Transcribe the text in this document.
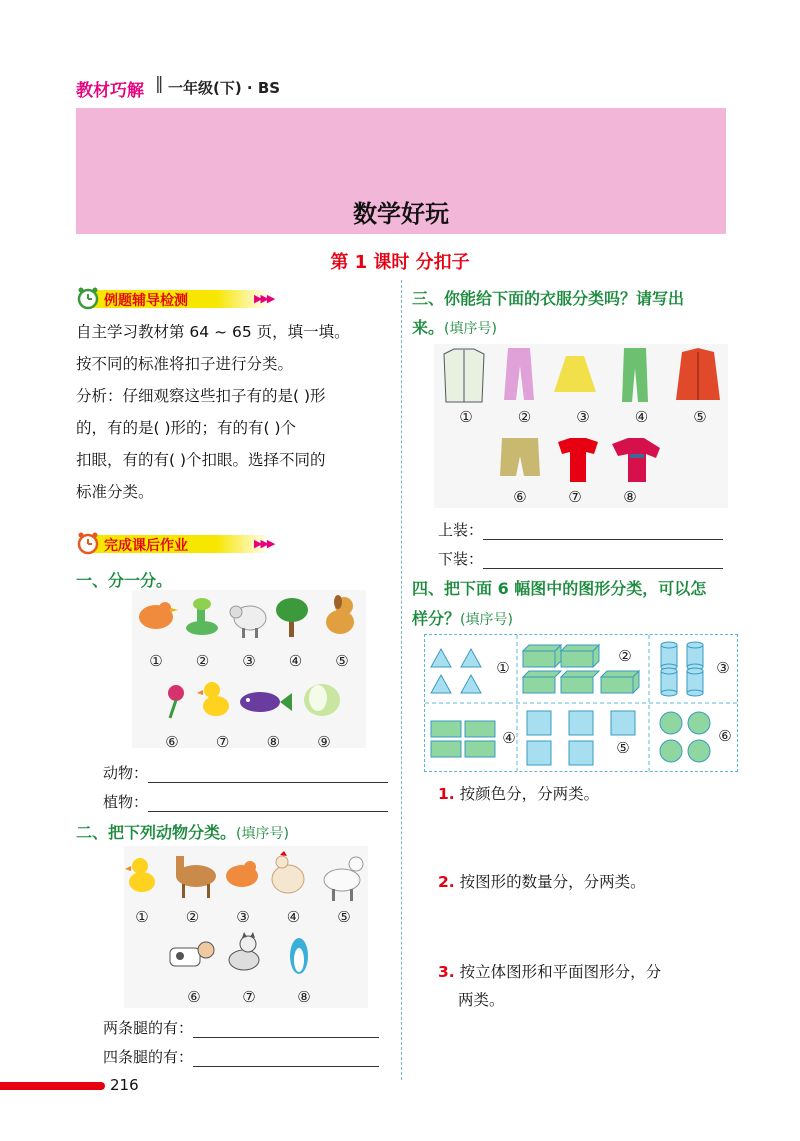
教材巧解 ‖ 一年级(下) · BS
数学好玩
第 1 课时 分扣子
例题辅导检测	▶▶▶
自主学习教材第 64 ~ 65 页，填一填。
按不同的标准将扣子进行分类。
分析：仔细观察这些扣子有的是( )形
的，有的是( )形的；有的有( )个
扣眼，有的有( )个扣眼。选择不同的
标准分类。
完成课后作业	▶▶▶
一、分一分。
①	②	③	④	⑤
⑥	⑦	⑧	⑨
动物：
植物：
二、把下列动物分类。(填序号)
①	②	③	④	⑤
⑥	⑦	⑧
两条腿的有：
四条腿的有：
三、你能给下面的衣服分类吗？请写出
来。(填序号)
①	②	③	④	⑤
⑥	⑦	⑧
上装：
下装：
四、把下面 6 幅图中的图形分类，可以怎
样分？(填序号)
①
②
③
④
⑤
⑥
1. 按颜色分，分两类。
2. 按图形的数量分，分两类。
3. 按立体图形和平面图形分，分
两类。
216
